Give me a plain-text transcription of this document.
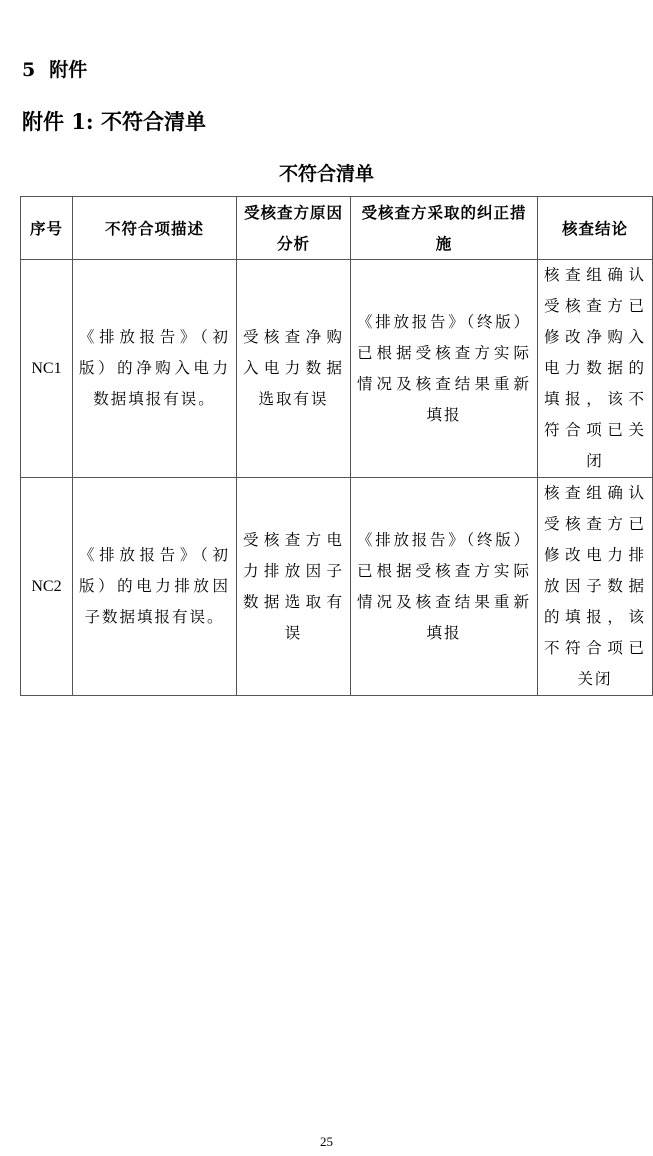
5 附件
附件 1: 不符合清单
不符合清单
序号	不符合项描述	受核查方原因分析	受核查方采取的纠正措施	核查结论
NC1	《排放报告》（初版）的净购入电力数据填报有误。	受核查净购入电力数据选取有误	《排放报告》（终版）已根据受核查方实际情况及核查结果重新填报	核查组确认受核查方已修改净购入电力数据的填报，该不符合项已关闭
NC2	《排放报告》（初版）的电力排放因子数据填报有误。	受核查方电力排放因子数据选取有误	《排放报告》（终版）已根据受核查方实际情况及核查结果重新填报	核查组确认受核查方已修改电力排放因子数据的填报，该不符合项已关闭
25
